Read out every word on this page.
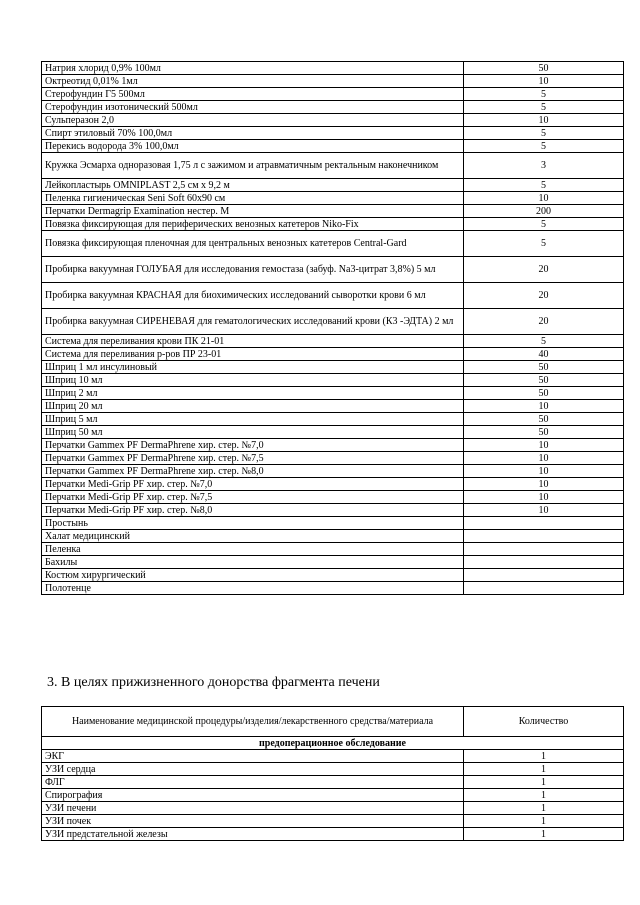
Натрия хлорид 0,9% 100мл	50
Октреотид 0,01% 1мл	10
Стерофундин Г5 500мл	5
Стерофундин изотонический 500мл	5
Сульперазон 2,0	10
Спирт этиловый 70% 100,0мл	5
Перекись водорода 3% 100,0мл	5
Кружка Эсмарха одноразовая 1,75 л с зажимом и атравматичным ректальным наконечником	3
Лейкопластырь OMNIPLAST 2,5 см х 9,2 м	5
Пеленка гигиеническая Seni Soft 60х90 см	10
Перчатки Dermagrip Examination нестер. М	200
Повязка фиксирующая для периферических венозных катетеров Niko-Fix	5
Повязка фиксирующая пленочная для центральных венозных катетеров Central-Gard	5
Пробирка вакуумная ГОЛУБАЯ для исследования гемостаза (забуф. Na3-цитрат 3,8%) 5 мл	20
Пробирка вакуумная КРАСНАЯ для биохимических исследований сыворотки крови 6 мл	20
Пробирка вакуумная СИРЕНЕВАЯ для гематологических исследований крови (К3 -ЭДТА) 2 мл	20
Система для переливания крови ПК 21-01	5
Система для переливания р-ров ПР 23-01	40
Шприц 1 мл инсулиновый	50
Шприц 10 мл	50
Шприц 2 мл	50
Шприц 20 мл	10
Шприц 5 мл	50
Шприц 50 мл	50
Перчатки Gammex PF DermaPhrene хир. стер. №7,0	10
Перчатки Gammex PF DermaPhrene хир. стер. №7,5	10
Перчатки Gammex PF DermaPhrene хир. стер. №8,0	10
Перчатки Medi-Grip PF хир. стер. №7,0	10
Перчатки Medi-Grip PF хир. стер. №7,5	10
Перчатки Medi-Grip PF хир. стер. №8,0	10
Простынь	
Халат медицинский	
Пеленка	
Бахилы	
Костюм хирургический	
Полотенце	
3. В целях прижизненного донорства фрагмента печени
Наименование медицинской процедуры/изделия/лекарственного средства/материала	Количество
предоперационное обследование	
ЭКГ	1
УЗИ сердца	1
ФЛГ	1
Спирография	1
УЗИ печени	1
УЗИ почек	1
УЗИ предстательной железы	1
